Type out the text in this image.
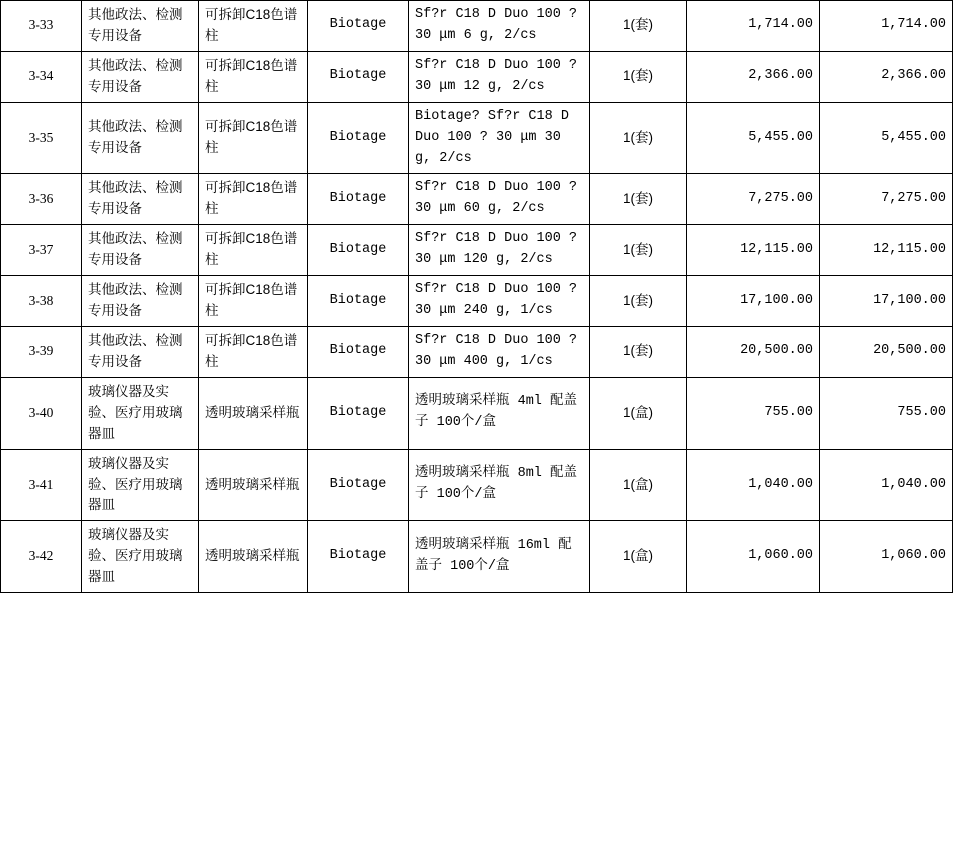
3-33	其他政法、检测专用设备	可拆卸C18色谱柱	Biotage	Sf?r C18 D Duo 100 ? 30 μm 6 g, 2/cs	1(套)	1,714.00	1,714.00
3-34	其他政法、检测专用设备	可拆卸C18色谱柱	Biotage	Sf?r C18 D Duo 100 ? 30 μm 12 g, 2/cs	1(套)	2,366.00	2,366.00
3-35	其他政法、检测专用设备	可拆卸C18色谱柱	Biotage	Biotage? Sf?r C18 D Duo 100 ? 30 μm 30 g, 2/cs	1(套)	5,455.00	5,455.00
3-36	其他政法、检测专用设备	可拆卸C18色谱柱	Biotage	Sf?r C18 D Duo 100 ? 30 μm 60 g, 2/cs	1(套)	7,275.00	7,275.00
3-37	其他政法、检测专用设备	可拆卸C18色谱柱	Biotage	Sf?r C18 D Duo 100 ? 30 μm 120 g, 2/cs	1(套)	12,115.00	12,115.00
3-38	其他政法、检测专用设备	可拆卸C18色谱柱	Biotage	Sf?r C18 D Duo 100 ? 30 μm 240 g, 1/cs	1(套)	17,100.00	17,100.00
3-39	其他政法、检测专用设备	可拆卸C18色谱柱	Biotage	Sf?r C18 D Duo 100 ? 30 μm 400 g, 1/cs	1(套)	20,500.00	20,500.00
3-40	玻璃仪器及实验、医疗用玻璃器皿	透明玻璃采样瓶	Biotage	透明玻璃采样瓶 4ml 配盖子 100个/盒	1(盒)	755.00	755.00
3-41	玻璃仪器及实验、医疗用玻璃器皿	透明玻璃采样瓶	Biotage	透明玻璃采样瓶 8ml 配盖子 100个/盒	1(盒)	1,040.00	1,040.00
3-42	玻璃仪器及实验、医疗用玻璃器皿	透明玻璃采样瓶	Biotage	透明玻璃采样瓶 16ml 配盖子 100个/盒	1(盒)	1,060.00	1,060.00
